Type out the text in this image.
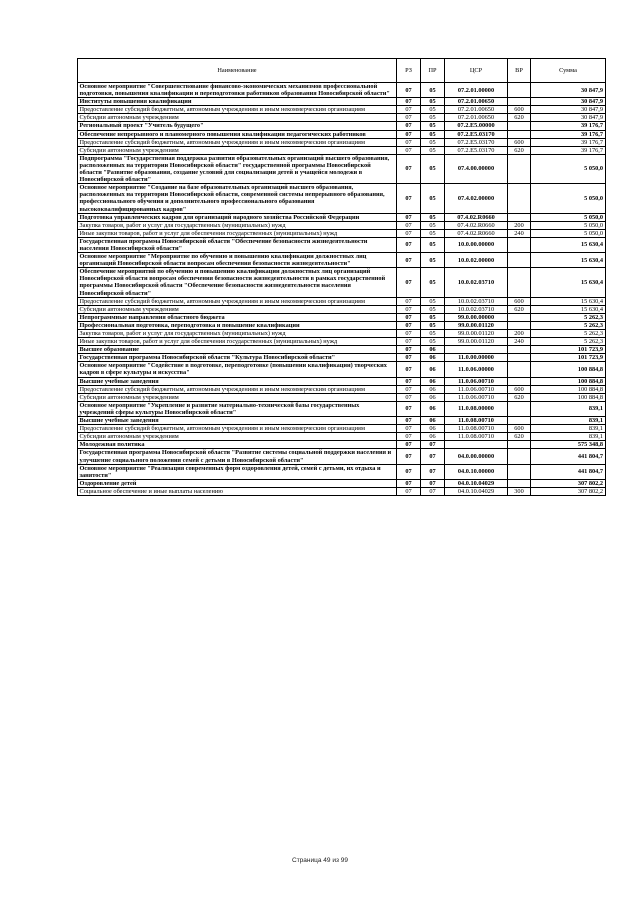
Наименование	РЗ	ПР	ЦСР	ВР	Сумма
Основное мероприятие "Совершенствование финансово-экономических механизмов профессиональной подготовки, повышения квалификации и переподготовки работников образования Новосибирской области"	07	05	07.2.01.00000		30 847,9
Институты повышения квалификации	07	05	07.2.01.00650		30 847,9
Предоставление субсидий бюджетным, автономным учреждениям и иным некоммерческим организациям	07	05	07.2.01.00650	600	30 847,9
Субсидии автономным учреждениям	07	05	07.2.01.00650	620	30 847,9
Региональный проект "Учитель будущего"	07	05	07.2.E5.00000		39 176,7
Обеспечение непрерывного и планомерного повышения квалификации педагогических работников	07	05	07.2.E5.03170		39 176,7
Предоставление субсидий бюджетным, автономным учреждениям и иным некоммерческим организациям	07	05	07.2.E5.03170	600	39 176,7
Субсидии автономным учреждениям	07	05	07.2.E5.03170	620	39 176,7
Подпрограмма "Государственная поддержка развития образовательных организаций высшего образования, расположенных на территории Новосибирской области" государственной программы Новосибирской области "Развитие образования, создание условий для социализации детей и учащейся молодежи в Новосибирской области"	07	05	07.4.00.00000		5 050,0
Основное мероприятие "Создание на базе образовательных организаций высшего образования, расположенных на территории Новосибирской области, современной системы непрерывного образования, профессионального обучения и дополнительного профессионального образования высококвалифицированных кадров"	07	05	07.4.02.00000		5 050,0
Подготовка управленческих кадров для организаций народного хозяйства Российской Федерации	07	05	07.4.02.R0660		5 050,0
Закупка товаров, работ и услуг для государственных (муниципальных) нужд	07	05	07.4.02.R0660	200	5 050,0
Иные закупки товаров, работ и услуг для обеспечения государственных (муниципальных) нужд	07	05	07.4.02.R0660	240	5 050,0
Государственная программа Новосибирской области "Обеспечение безопасности жизнедеятельности населения Новосибирской области"	07	05	10.0.00.00000		15 630,4
Основное мероприятие "Мероприятие по обучению и повышению квалификации должностных лиц организаций Новосибирской области вопросам обеспечения безопасности жизнедеятельности"	07	05	10.0.02.00000		15 630,4
Обеспечение мероприятий по обучению и повышению квалификации должностных лиц организаций Новосибирской области вопросам обеспечения безопасности жизнедеятельности в рамках государственной программы Новосибирской области "Обеспечение безопасности жизнедеятельности населения Новосибирской области"	07	05	10.0.02.03710		15 630,4
Предоставление субсидий бюджетным, автономным учреждениям и иным некоммерческим организациям	07	05	10.0.02.03710	600	15 630,4
Субсидии автономным учреждениям	07	05	10.0.02.03710	620	15 630,4
Непрограммные направления областного бюджета	07	05	99.0.00.00000		5 262,3
Профессиональная подготовка, переподготовка и повышение квалификации	07	05	99.0.00.01120		5 262,3
Закупка товаров, работ и услуг для государственных (муниципальных) нужд	07	05	99.0.00.01120	200	5 262,3
Иные закупки товаров, работ и услуг для обеспечения государственных (муниципальных) нужд	07	05	99.0.00.01120	240	5 262,3
Высшее образование	07	06			101 723,9
Государственная программа Новосибирской области "Культура Новосибирской области"	07	06	11.0.00.00000		101 723,9
Основное мероприятие "Содействие в подготовке, переподготовке (повышении квалификации) творческих кадров в сфере культуры и искусства"	07	06	11.0.06.00000		100 884,8
Высшие учебные заведения	07	06	11.0.06.00710		100 884,8
Предоставление субсидий бюджетным, автономным учреждениям и иным некоммерческим организациям	07	06	11.0.06.00710	600	100 884,8
Субсидии автономным учреждениям	07	06	11.0.06.00710	620	100 884,8
Основное мероприятие "Укрепление и развитие материально-технической базы государственных учреждений сферы культуры Новосибирской области"	07	06	11.0.08.00000		839,1
Высшие учебные заведения	07	06	11.0.08.00710		839,1
Предоставление субсидий бюджетным, автономным учреждениям и иным некоммерческим организациям	07	06	11.0.08.00710	600	839,1
Субсидии автономным учреждениям	07	06	11.0.08.00710	620	839,1
Молодежная политика	07	07			575 348,8
Государственная программа Новосибирской области "Развитие системы социальной поддержки населения и улучшение социального положения семей с детьми в Новосибирской области"	07	07	04.0.00.00000		441 804,7
Основное мероприятие "Реализация современных форм оздоровления детей, семей с детьми, их отдыха и занятости"	07	07	04.0.10.00000		441 804,7
Оздоровление детей	07	07	04.0.10.04029		307 802,2
Социальное обеспечение и иные выплаты населению	07	07	04.0.10.04029	300	307 802,2
Страница 49 из 99
